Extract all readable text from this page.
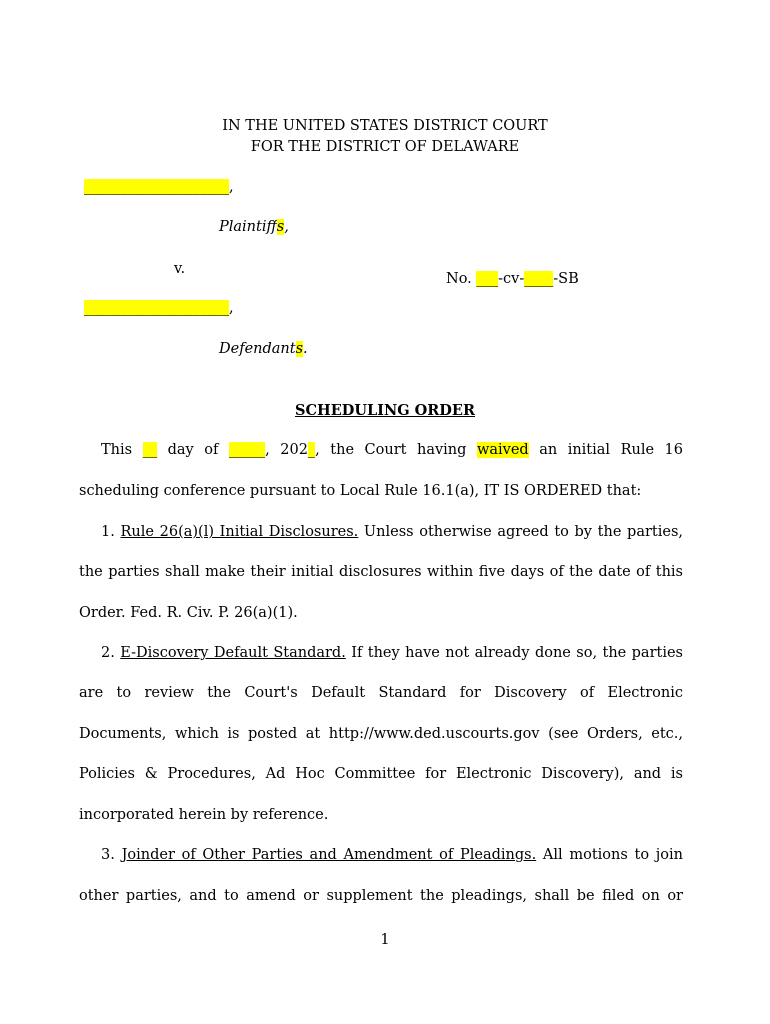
IN THE UNITED STATES DISTRICT COURT
FOR THE DISTRICT OF DELAWARE
____________________,
Plaintiffs,
v.
No. ___-cv-____-SB
____________________,
Defendants.
SCHEDULING ORDER
This __ day of _____, 202_, the Court having waived an initial Rule 16
scheduling conference pursuant to Local Rule 16.1(a), IT IS ORDERED that:
1. Rule 26(a)(l) Initial Disclosures. Unless otherwise agreed to by the parties,
the parties shall make their initial disclosures within five days of the date of this
Order. Fed. R. Civ. P. 26(a)(1).
2. E-Discovery Default Standard. If they have not already done so, the parties
are to review the Court's Default Standard for Discovery of Electronic
Documents, which is posted at http://www.ded.uscourts.gov (see Orders, etc.,
Policies & Procedures, Ad Hoc Committee for Electronic Discovery), and is
incorporated herein by reference.
3. Joinder of Other Parties and Amendment of Pleadings. All motions to join
other parties, and to amend or supplement the pleadings, shall be filed on or
1
